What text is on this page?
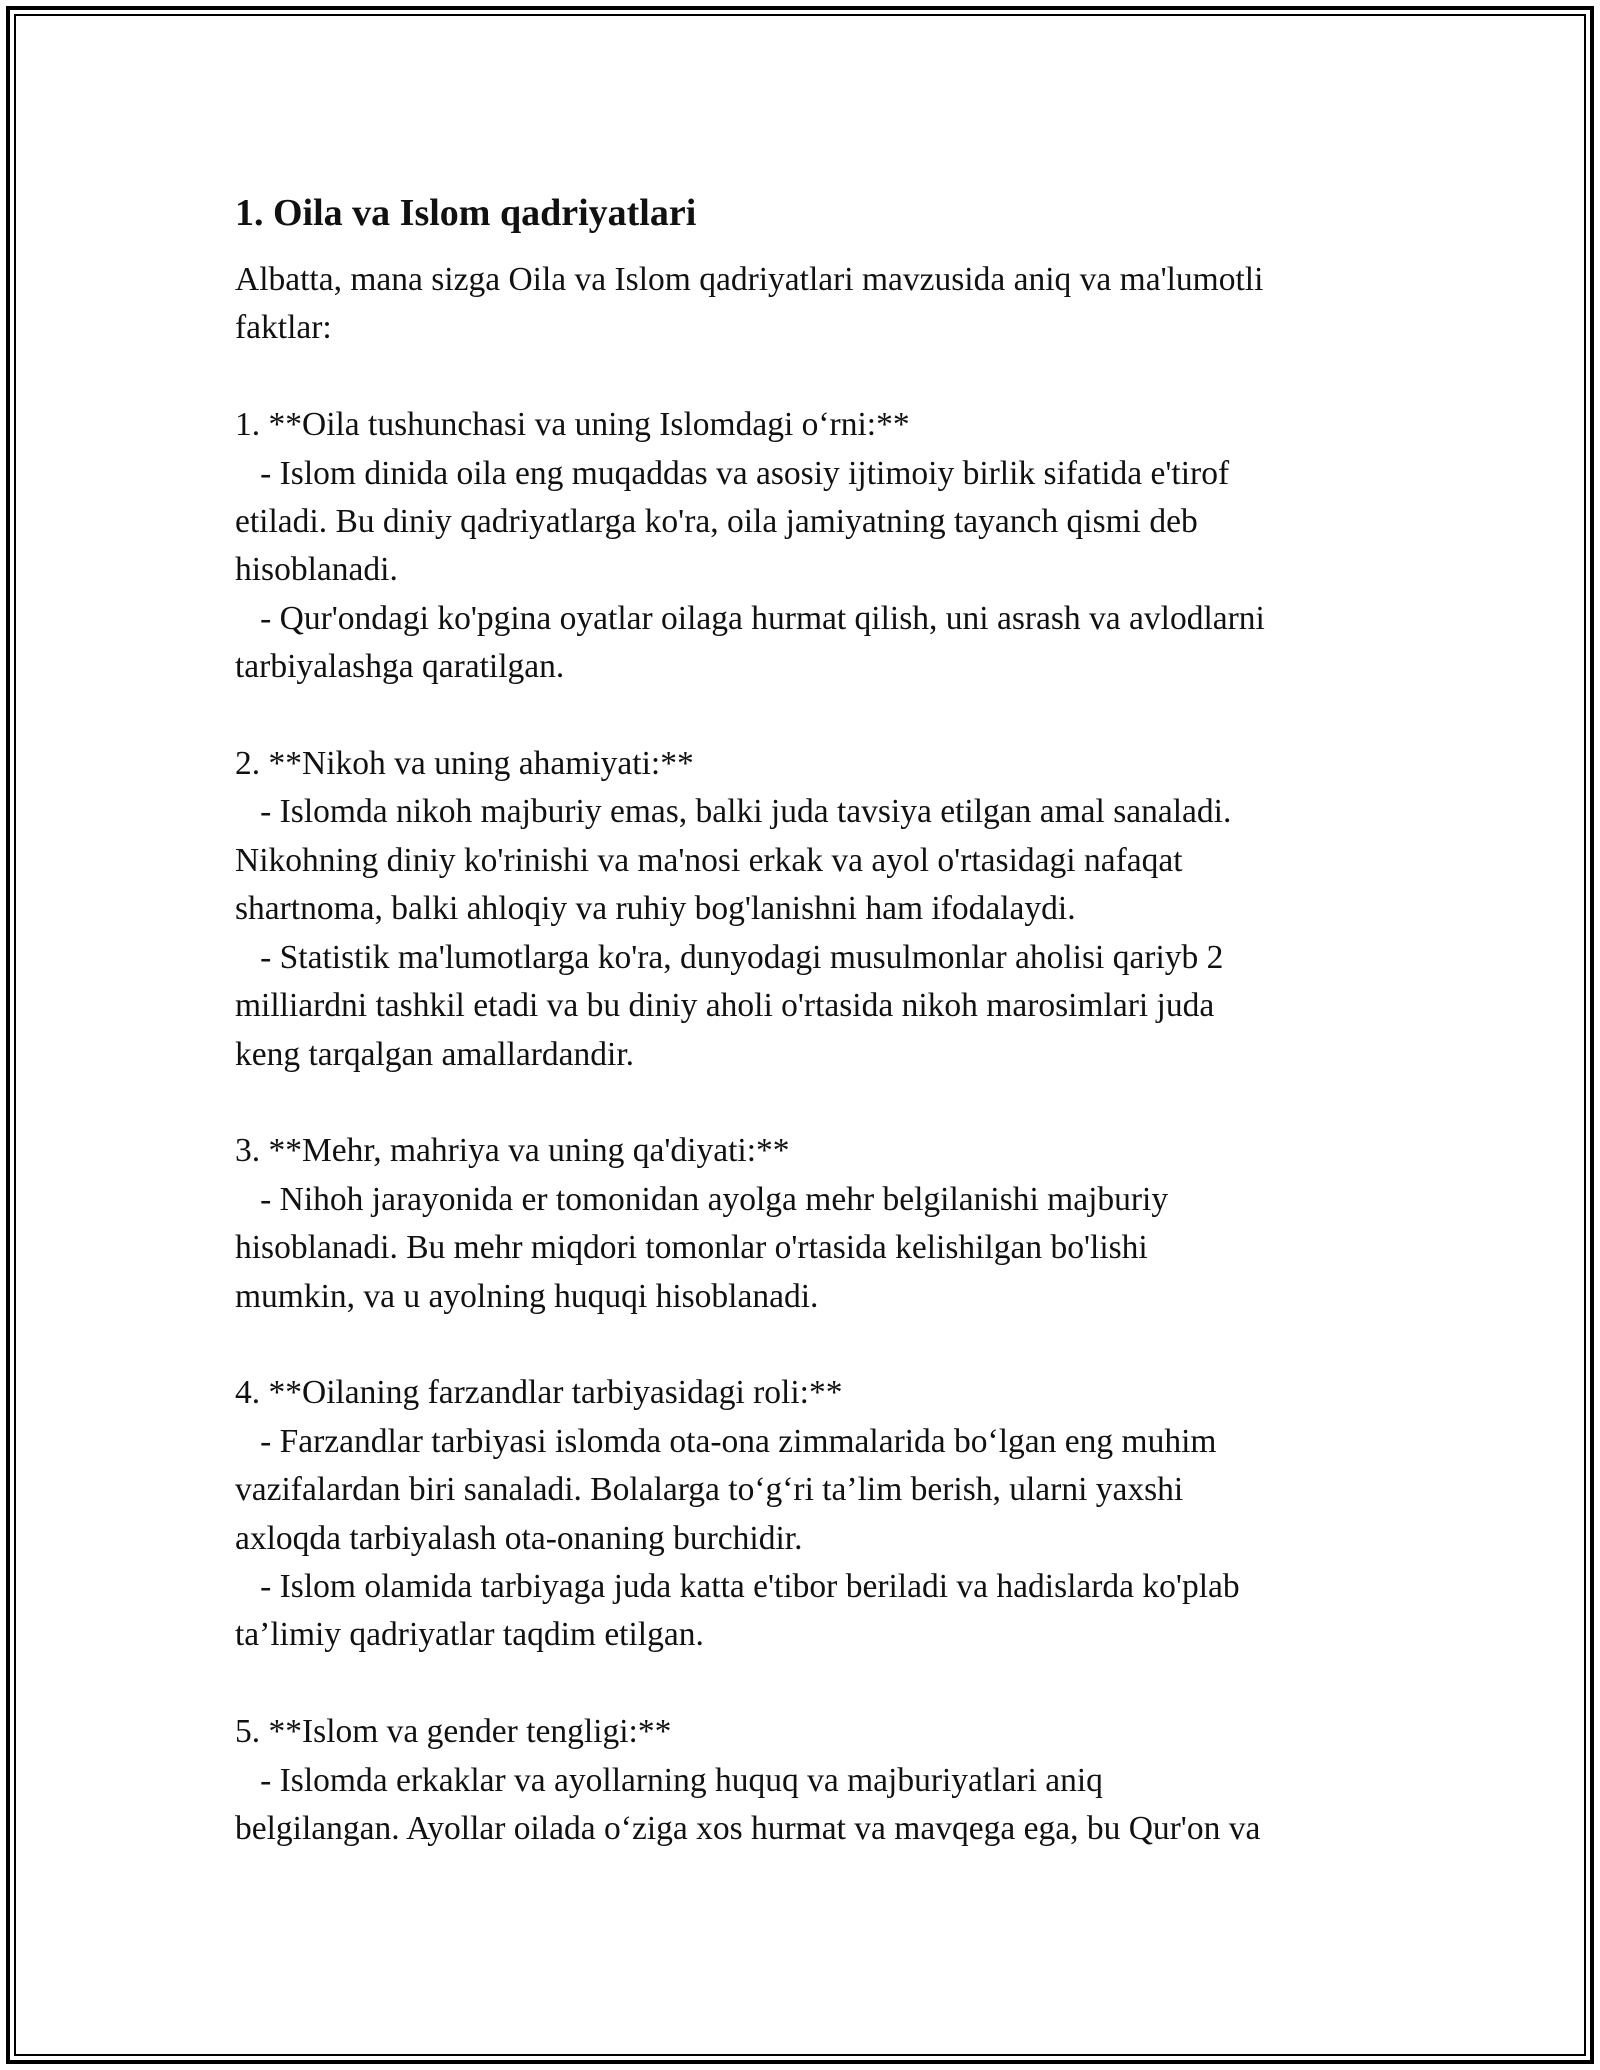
1. Oila va Islom qadriyatlari

Albatta, mana sizga Oila va Islom qadriyatlari mavzusida aniq va ma'lumotli
faktlar:

1. **Oila tushunchasi va uning Islomdagi o‘rni:**
- Islom dinida oila eng muqaddas va asosiy ijtimoiy birlik sifatida e'tirof
etiladi. Bu diniy qadriyatlarga ko'ra, oila jamiyatning tayanch qismi deb
hisoblanadi.
- Qur'ondagi ko'pgina oyatlar oilaga hurmat qilish, uni asrash va avlodlarni
tarbiyalashga qaratilgan.

2. **Nikoh va uning ahamiyati:**
- Islomda nikoh majburiy emas, balki juda tavsiya etilgan amal sanaladi.
Nikohning diniy ko'rinishi va ma'nosi erkak va ayol o'rtasidagi nafaqat
shartnoma, balki ahloqiy va ruhiy bog'lanishni ham ifodalaydi.
- Statistik ma'lumotlarga ko'ra, dunyodagi musulmonlar aholisi qariyb 2
milliardni tashkil etadi va bu diniy aholi o'rtasida nikoh marosimlari juda
keng tarqalgan amallardandir.

3. **Mehr, mahriya va uning qa'diyati:**
- Nihoh jarayonida er tomonidan ayolga mehr belgilanishi majburiy
hisoblanadi. Bu mehr miqdori tomonlar o'rtasida kelishilgan bo'lishi
mumkin, va u ayolning huquqi hisoblanadi.

4. **Oilaning farzandlar tarbiyasidagi roli:**
- Farzandlar tarbiyasi islomda ota-ona zimmalarida bo‘lgan eng muhim
vazifalardan biri sanaladi. Bolalarga to‘g‘ri ta’lim berish, ularni yaxshi
axloqda tarbiyalash ota-onaning burchidir.
- Islom olamida tarbiyaga juda katta e'tibor beriladi va hadislarda ko'plab
ta’limiy qadriyatlar taqdim etilgan.

5. **Islom va gender tengligi:**
- Islomda erkaklar va ayollarning huquq va majburiyatlari aniq
belgilangan. Ayollar oilada o‘ziga xos hurmat va mavqega ega, bu Qur'on va
